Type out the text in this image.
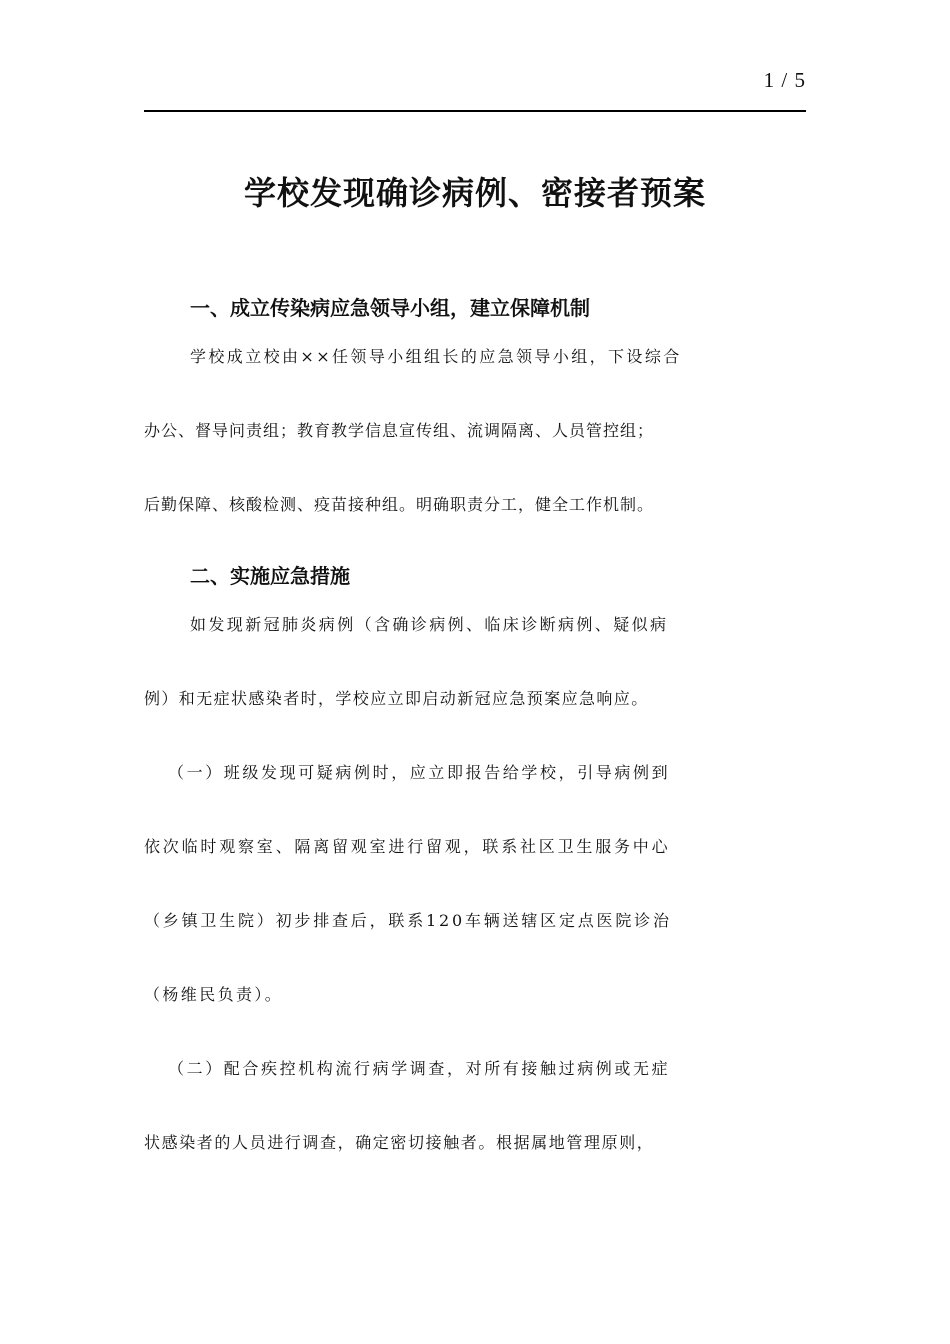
1 / 5
学校发现确诊病例、密接者预案
一、成立传染病应急领导小组，建立保障机制
学校成立校由××任领导小组组长的应急领导小组，下设综合
办公、督导问责组；教育教学信息宣传组、流调隔离、人员管控组；
后勤保障、核酸检测、疫苗接种组。明确职责分工，健全工作机制。
二、实施应急措施
如发现新冠肺炎病例（含确诊病例、临床诊断病例、疑似病
例）和无症状感染者时，学校应立即启动新冠应急预案应急响应。
（一）班级发现可疑病例时，应立即报告给学校，引导病例到
依次临时观察室、隔离留观室进行留观，联系社区卫生服务中心
（乡镇卫生院）初步排查后，联系120车辆送辖区定点医院诊治
（杨维民负责）。
（二）配合疾控机构流行病学调查，对所有接触过病例或无症
状感染者的人员进行调查，确定密切接触者。根据属地管理原则，
